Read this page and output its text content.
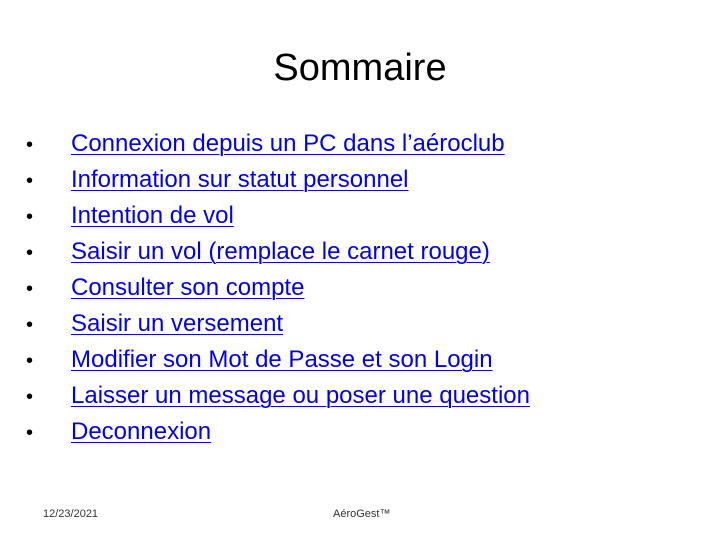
Sommaire
•	Connexion depuis un PC dans l’aéroclub
•	Information sur statut personnel
•	Intention de vol
•	Saisir un vol (remplace le carnet rouge)
•	Consulter son compte
•	Saisir un versement
•	Modifier son Mot de Passe et son Login
•	Laisser un message ou poser une question
•	Deconnexion
12/23/2021	AéroGest™
